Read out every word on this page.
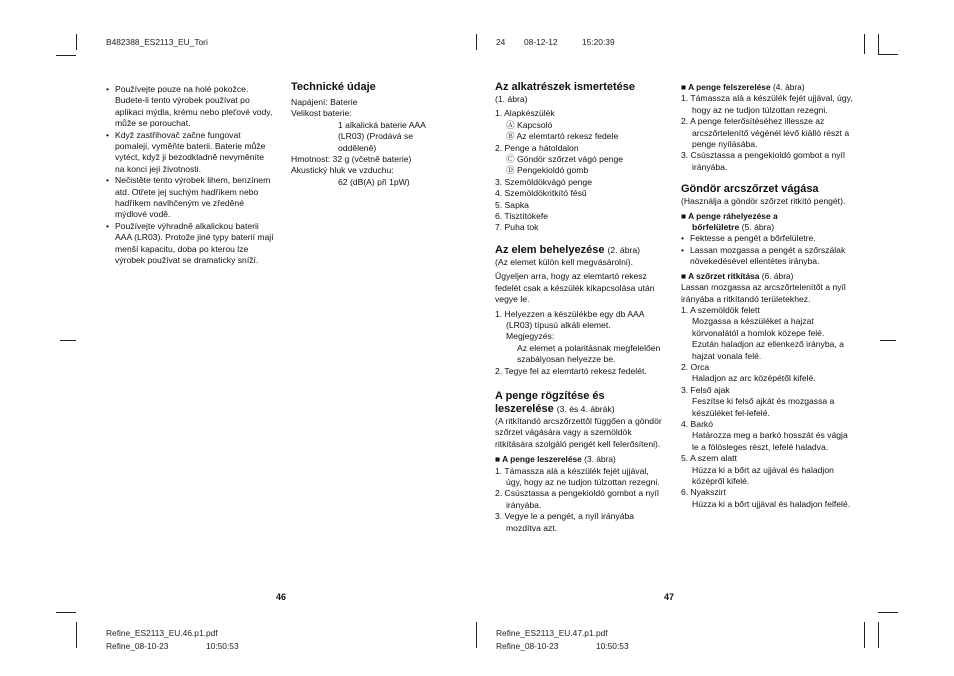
B482388_ES2113_EU_Tori	24 08-12-12	15:20:39
Refine_ES2113_EU.46.p1.pdf
Refine_08-10-23	10:50:53
Refine_ES2113_EU.47.p1.pdf
Refine_08-10-23	10:50:53
46	47

• Používejte pouze na holé pokožce. Budete-li tento výrobek používat po aplikaci mýdla, krému nebo pleťové vody, může se porouchat.

• Když zastřihovač začne fungovat pomaleji, vyměňte baterii. Baterie může vytéct, když ji bezodkladně nevyměníte na konci její životnosti.

• Nečistěte tento výrobek lihem, benzínem atd. Otřete jej suchým hadříkem nebo hadříkem navlhčeným ve zředěné mýdlové vodě.

• Používejte výhradně alkalickou baterii AAA (LR03). Protože jiné typy baterií mají menší kapacitu, doba po kterou lze výrobek používat se dramaticky sníží.

Technické údaje

Napájení: Baterie

Velikost baterie:

1 alkalická baterie AAA

(LR03) (Prodává se

odděleně)

Hmotnost: 32 g (včetně baterie)

Akustický hluk ve vzduchu:

62 (dB(A) při 1pW)

Az alkatrészek ismertetése

(1. ábra)

1. Alapkészülék

Ⓐ Kapcsoló

Ⓑ Az elemtartó rekesz fedele

2. Penge a hátoldalon

Ⓒ Göndör szőrzet vágó penge

Ⓓ Pengekioldó gomb

3. Szemöldökvágó penge

4. Szemöldökritkító fésű

5. Sapka

6. Tisztítókefe

7. Puha tok

Az elem behelyezése (2. ábra)

(Az elemet külön kell megvásárolni).

Ügyeljen arra, hogy az elemtartó rekesz fedelét csak a készülék kikapcsolása után vegye le.

1. Helyezzen a készülékbe egy db AAA (LR03) típusú alkáli elemet.

Megjegyzés:

Az elemet a polaritásnak megfelelően szabályosan helyezze be.

2. Tegye fel az elemtartó rekesz fedelét.

A penge rögzítése és
leszerelése (3. és 4. ábrák)

(A ritkítandó arcszőrzettől függően a göndör szőrzet vágására vagy a szemöldök ritkítására szolgáló pengét kell felerősíteni).

■ A penge leszerelése (3. ábra)

1. Támassza alá a készülék fejét ujjával, úgy, hogy az ne tudjon túlzottan rezegni.

2. Csúsztassa a pengekioldó gombot a nyíl irányába.

3. Vegye le a pengét, a nyíl irányába mozdítva azt.

■ A penge felszerelése (4. ábra)

1. Támassza alá a készülék fejét ujjával, úgy, hogy az ne tudjon túlzottan rezegni.

2. A penge felerősítéséhez illessze az arcszőrtelenítő végénél lévő kiálló részt a penge nyílásába.

3. Csúsztassa a pengekioldó gombot a nyíl irányába.

Göndör arcszőrzet vágása

(Használja a göndör szőrzet ritkító pengét).

■ A penge ráhelyezése a

bőrfelületre (5. ábra)

• Fektesse a pengét a bőrfelületre.

• Lassan mozgassa a pengét a szőrszálak növekedésével ellentétes irányba.

■ A szőrzet ritkítása (6. ábra)

Lassan mozgassa az arcszőrtelenítőt a nyíl irányába a ritkítandó területekhez.

1. A szemöldök felett

Mozgassa a készüléket a hajzat körvonalától a homlok közepe felé. Ezután haladjon az ellenkező irányba, a hajzat vonala felé.

2. Orca

Haladjon az arc középétől kifelé.

3. Felső ajak

Feszítse ki felső ajkát és mozgassa a készüléket fel-lefelé.

4. Barkó

Határozza meg a barkó hosszát és vágja le a fölösleges részt, lefelé haladva.

5. A szem alatt

Húzza ki a bőrt az ujjával és haladjon középről kifelé.

6. Nyakszirt

Húzza ki a bőrt ujjával és haladjon felfelé.
